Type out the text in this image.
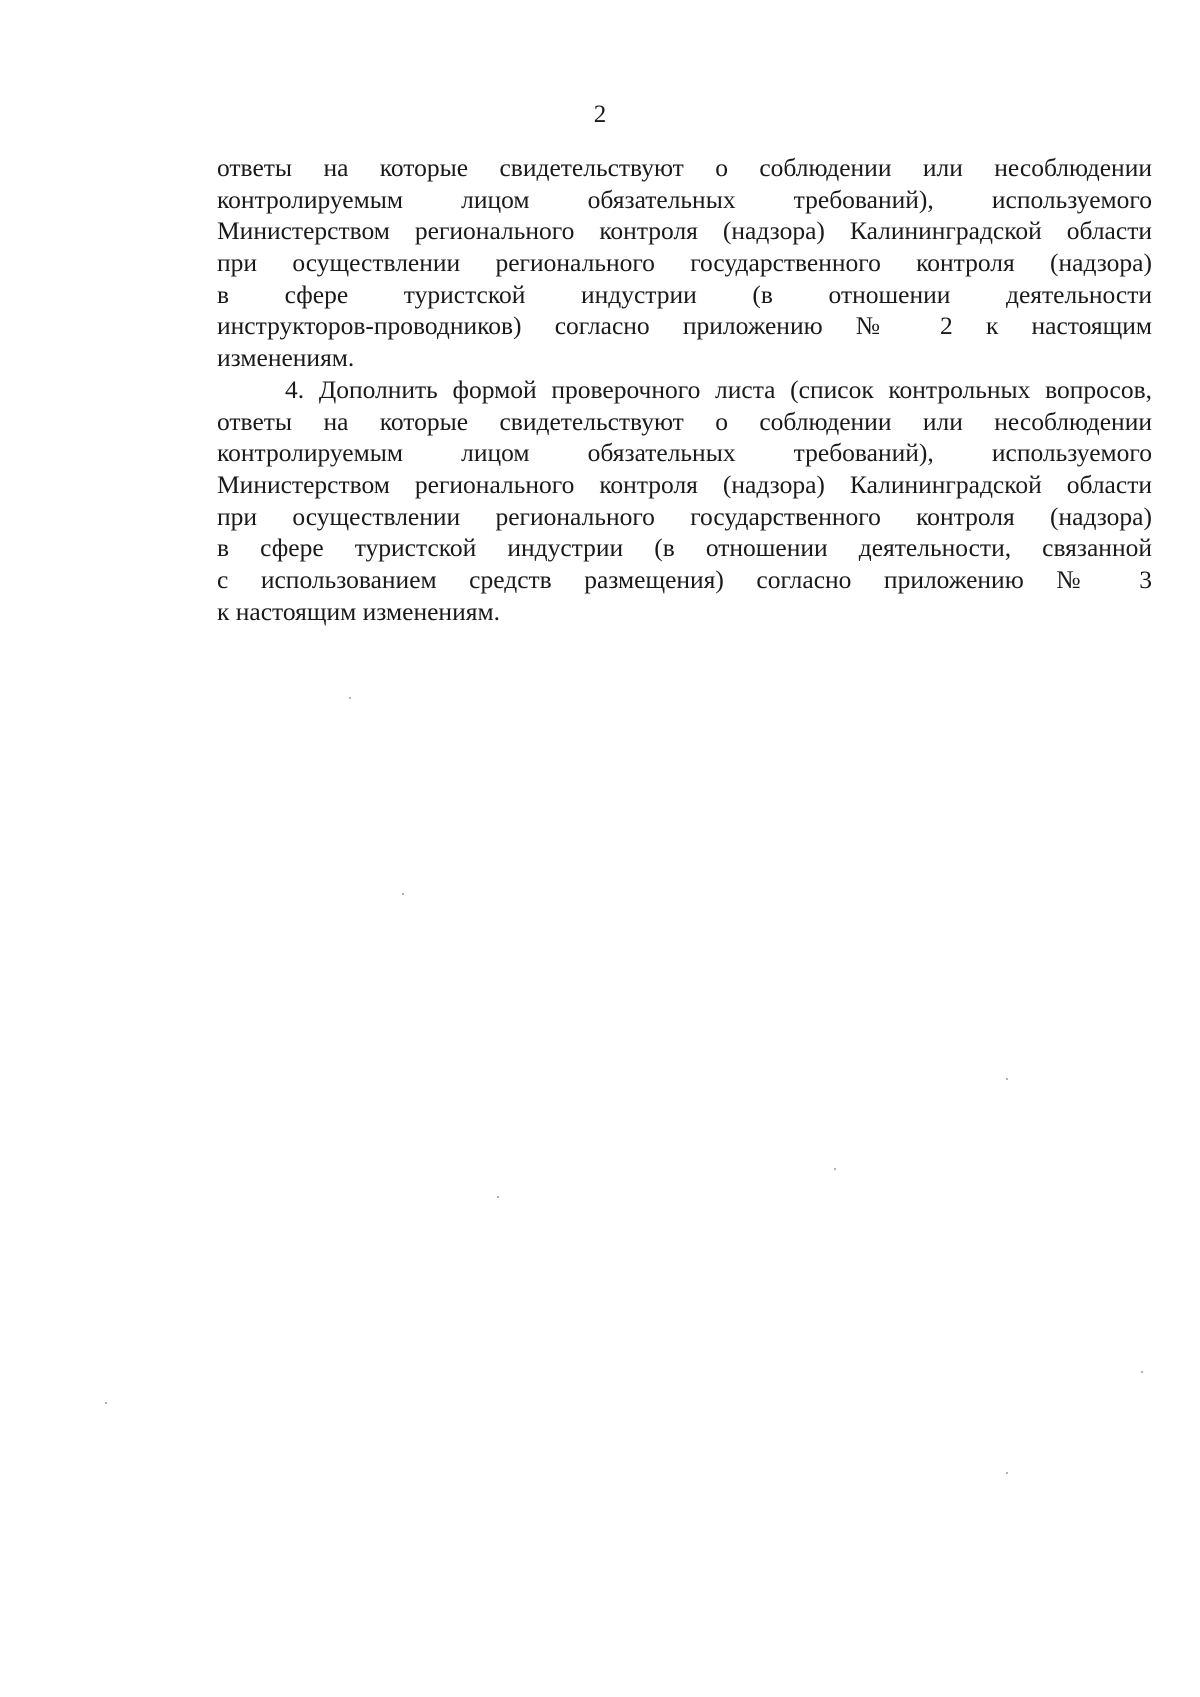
2
ответы на которые свидетельствуют о соблюдении или несоблюдении
контролируемым лицом обязательных требований), используемого
Министерством регионального контроля (надзора) Калининградской области
при осуществлении регионального государственного контроля (надзора)
в сфере туристской индустрии (в отношении деятельности
инструкторов-проводников) согласно приложению № 2 к настоящим
изменениям.
4. Дополнить формой проверочного листа (список контрольных вопросов,
ответы на которые свидетельствуют о соблюдении или несоблюдении
контролируемым лицом обязательных требований), используемого
Министерством регионального контроля (надзора) Калининградской области
при осуществлении регионального государственного контроля (надзора)
в сфере туристской индустрии (в отношении деятельности, связанной
с использованием средств размещения) согласно приложению № 3
к настоящим изменениям.
